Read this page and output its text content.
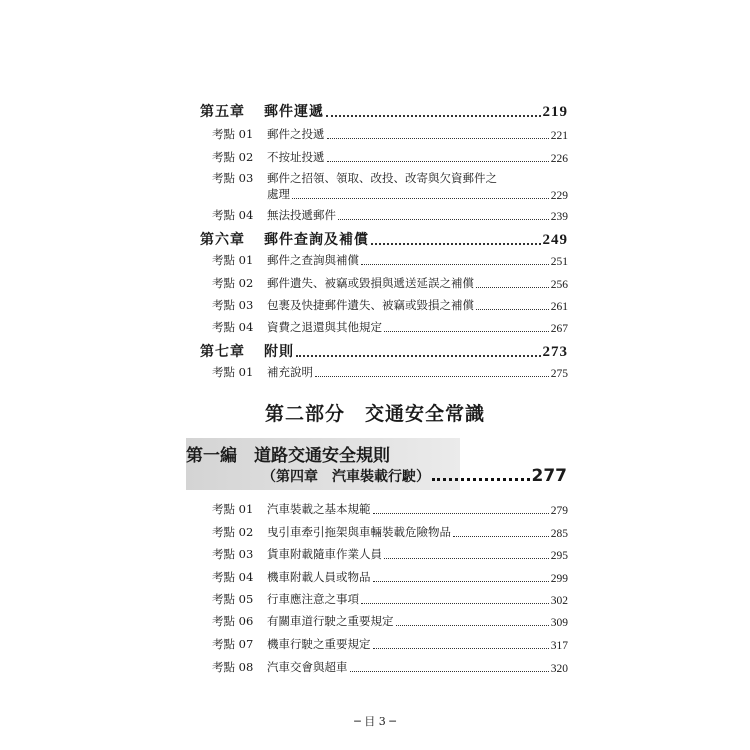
第五章	郵件運遞	219
考點 01	郵件之投遞	221
考點 02	不按址投遞	226
考點 03	郵件之招領、領取、改投、改寄與欠資郵件之
處理	229
考點 04	無法投遞郵件	239
第六章	郵件查詢及補償	249
考點 01	郵件之查詢與補償	251
考點 02	郵件遺失、被竊或毀損與遞送延誤之補償	256
考點 03	包裹及快捷郵件遺失、被竊或毀損之補償	261
考點 04	資費之退還與其他規定	267
第七章	附則	273
考點 01	補充說明	275
第二部分　交通安全常識
第一編　道路交通安全規則
（第四章　汽車裝載行駛）	277
考點 01	汽車裝載之基本規範	279
考點 02	曳引車牽引拖架與車輛裝載危險物品	285
考點 03	貨車附載隨車作業人員	295
考點 04	機車附載人員或物品	299
考點 05	行車應注意之事項	302
考點 06	有關車道行駛之重要規定	309
考點 07	機車行駛之重要規定	317
考點 08	汽車交會與超車	320
─ 目 3 ─
